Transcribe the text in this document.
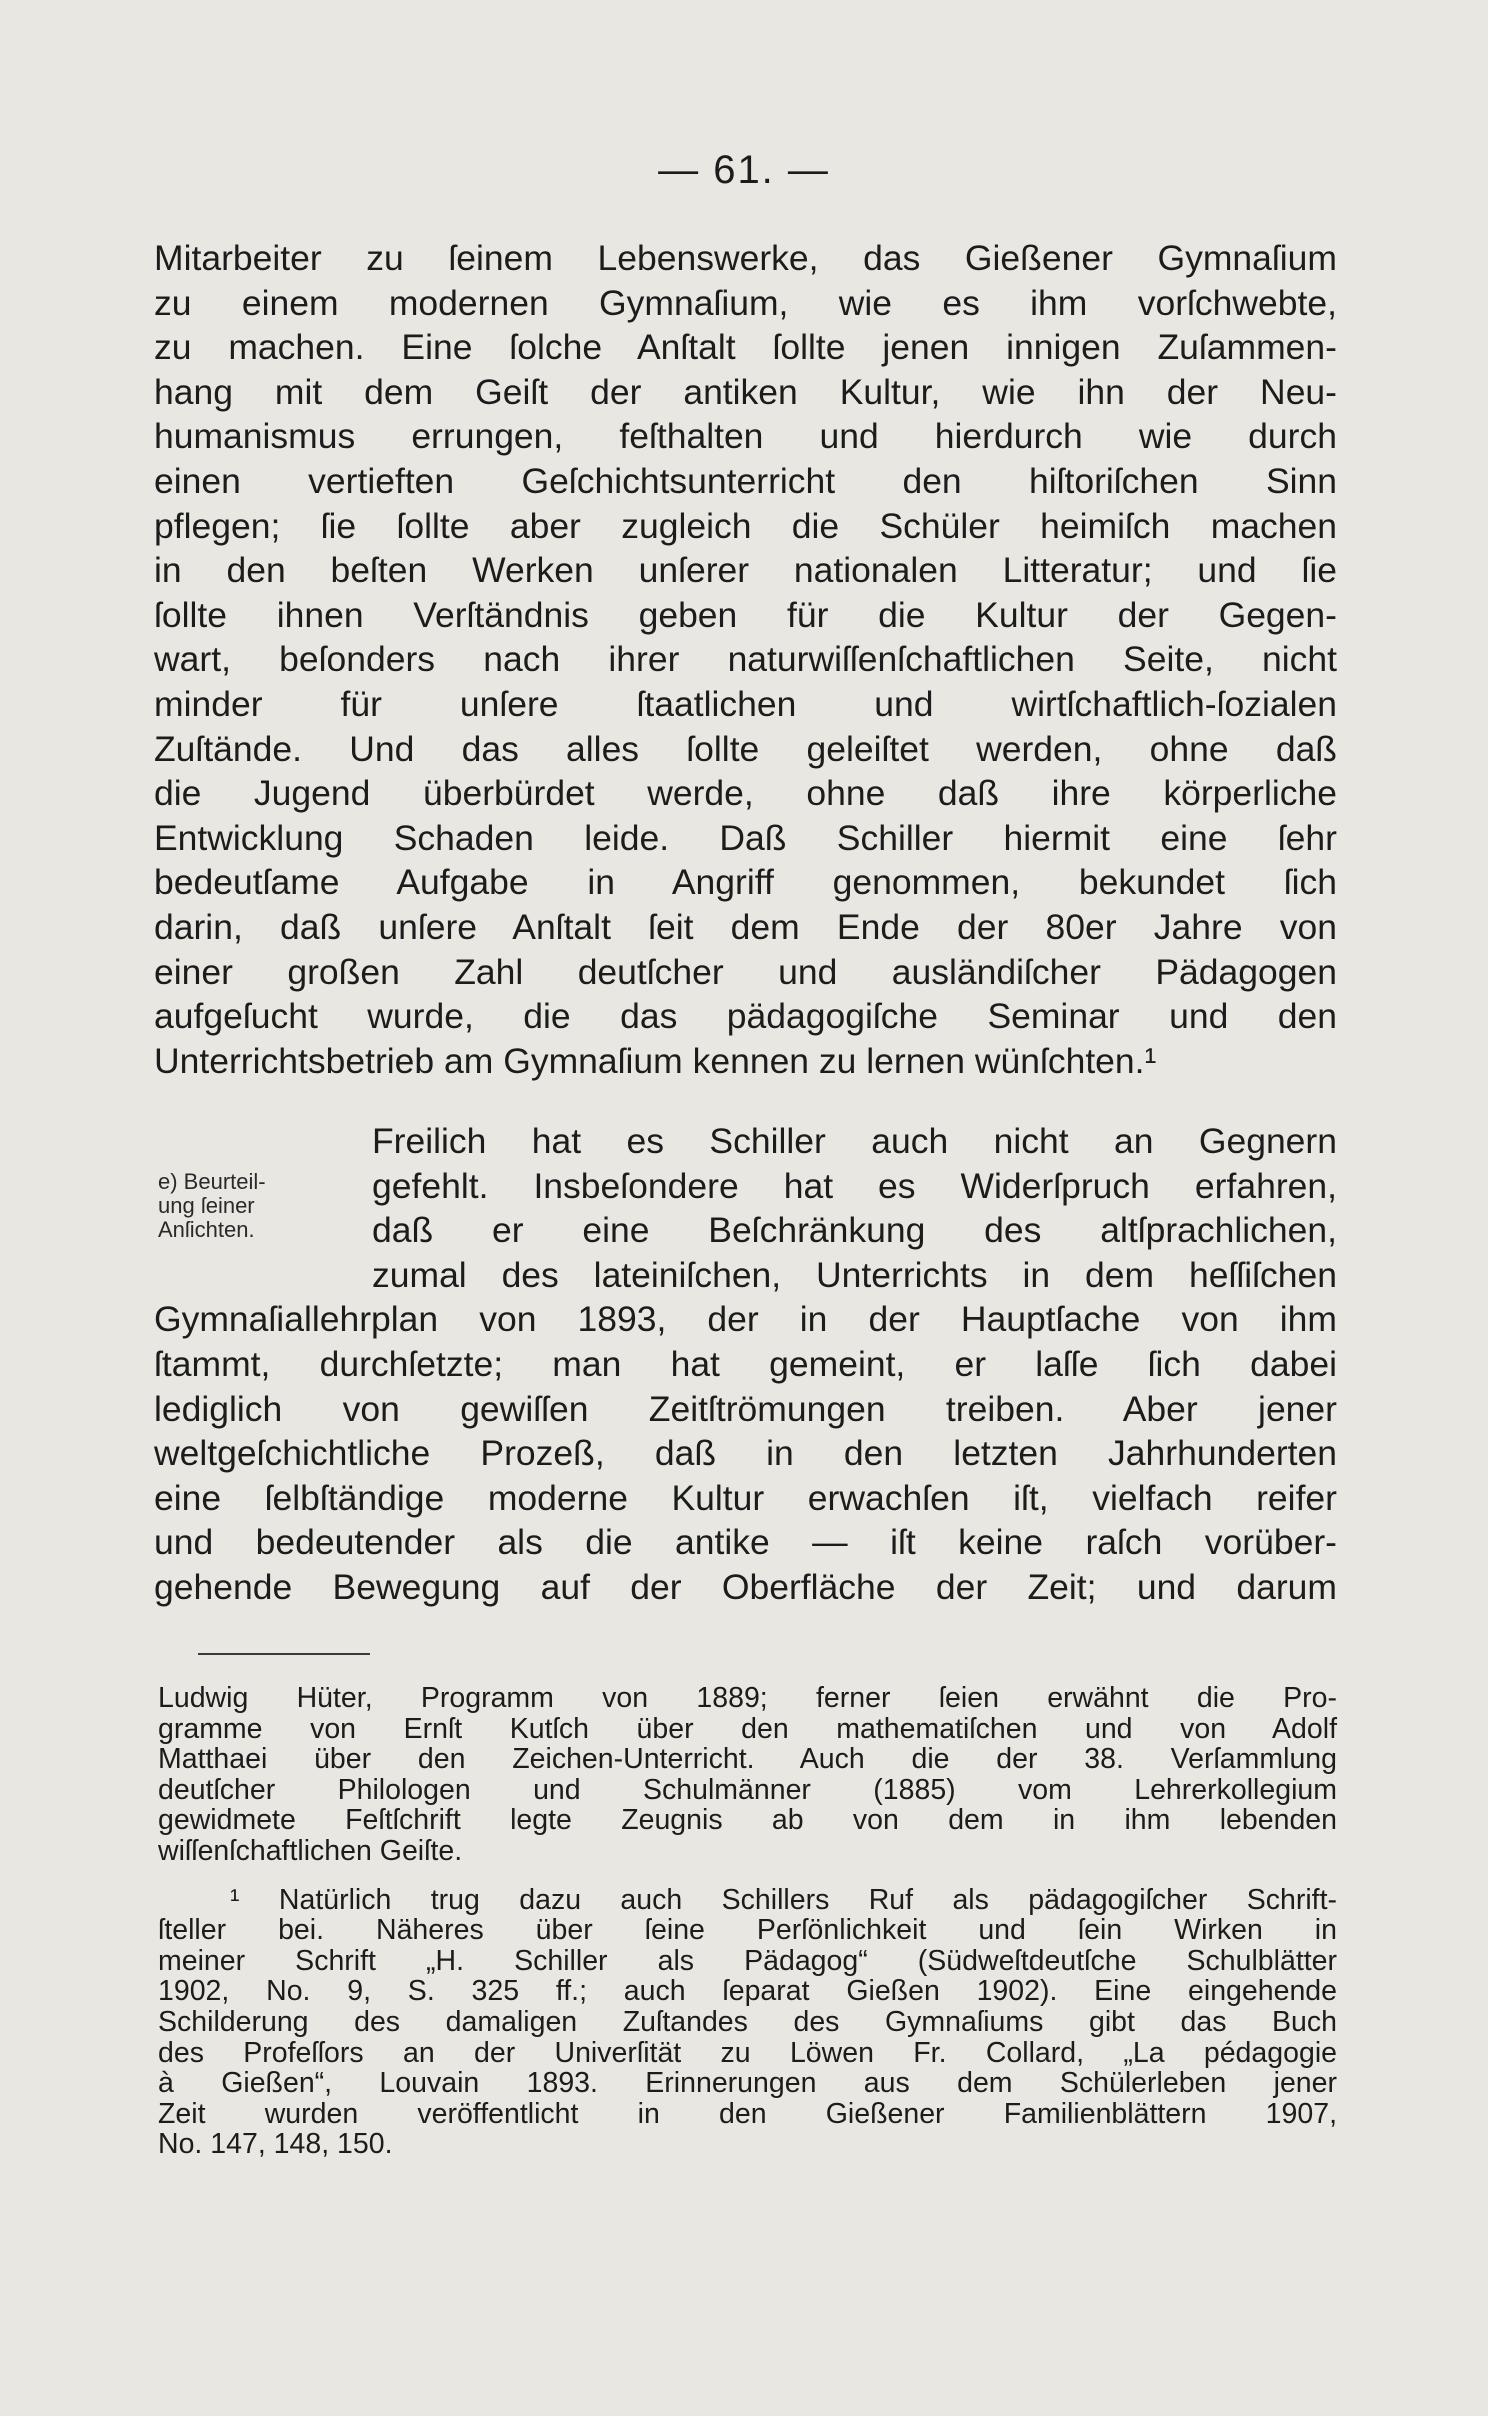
— 61. —
Mitarbeiter zu ſeinem Lebenswerke, das Gießener Gymnaſium
zu einem modernen Gymnaſium, wie es ihm vorſchwebte,
zu machen. Eine ſolche Anſtalt ſollte jenen innigen Zuſammen-
hang mit dem Geiſt der antiken Kultur, wie ihn der Neu-
humanismus errungen, feſthalten und hierdurch wie durch
einen vertieften Geſchichtsunterricht den hiſtoriſchen Sinn
pflegen; ſie ſollte aber zugleich die Schüler heimiſch machen
in den beſten Werken unſerer nationalen Litteratur; und ſie
ſollte ihnen Verſtändnis geben für die Kultur der Gegen-
wart, beſonders nach ihrer naturwiſſenſchaftlichen Seite, nicht
minder für unſere ſtaatlichen und wirtſchaftlich-ſozialen
Zuſtände. Und das alles ſollte geleiſtet werden, ohne daß
die Jugend überbürdet werde, ohne daß ihre körperliche
Entwicklung Schaden leide. Daß Schiller hiermit eine ſehr
bedeutſame Aufgabe in Angriff genommen, bekundet ſich
darin, daß unſere Anſtalt ſeit dem Ende der 80er Jahre von
einer großen Zahl deutſcher und ausländiſcher Pädagogen
aufgeſucht wurde, die das pädagogiſche Seminar und den
Unterrichtsbetrieb am Gymnaſium kennen zu lernen wünſchten.¹
e) Beurteil-
ung ſeiner
Anſichten.
Freilich hat es Schiller auch nicht an Gegnern
gefehlt. Insbeſondere hat es Widerſpruch erfahren,
daß er eine Beſchränkung des altſprachlichen,
zumal des lateiniſchen, Unterrichts in dem heſſiſchen
Gymnaſiallehrplan von 1893, der in der Hauptſache von ihm
ſtammt, durchſetzte; man hat gemeint, er laſſe ſich dabei
lediglich von gewiſſen Zeitſtrömungen treiben. Aber jener
weltgeſchichtliche Prozeß, daß in den letzten Jahrhunderten
eine ſelbſtändige moderne Kultur erwachſen iſt, vielfach reifer
und bedeutender als die antike — iſt keine raſch vorüber-
gehende Bewegung auf der Oberfläche der Zeit; und darum
Ludwig Hüter, Programm von 1889; ferner ſeien erwähnt die Pro-
gramme von Ernſt Kutſch über den mathematiſchen und von Adolf
Matthaei über den Zeichen-Unterricht. Auch die der 38. Verſammlung
deutſcher Philologen und Schulmänner (1885) vom Lehrerkollegium
gewidmete Feſtſchrift legte Zeugnis ab von dem in ihm lebenden
wiſſenſchaftlichen Geiſte.
¹ Natürlich trug dazu auch Schillers Ruf als pädagogiſcher Schrift-
ſteller bei. Näheres über ſeine Perſönlichkeit und ſein Wirken in
meiner Schrift „H. Schiller als Pädagog“ (Südweſtdeutſche Schulblätter
1902, No. 9, S. 325 ff.; auch ſeparat Gießen 1902). Eine eingehende
Schilderung des damaligen Zuſtandes des Gymnaſiums gibt das Buch
des Profeſſors an der Univerſität zu Löwen Fr. Collard, „La pédagogie
à Gießen“, Louvain 1893. Erinnerungen aus dem Schülerleben jener
Zeit wurden veröffentlicht in den Gießener Familienblättern 1907,
No. 147, 148, 150.
